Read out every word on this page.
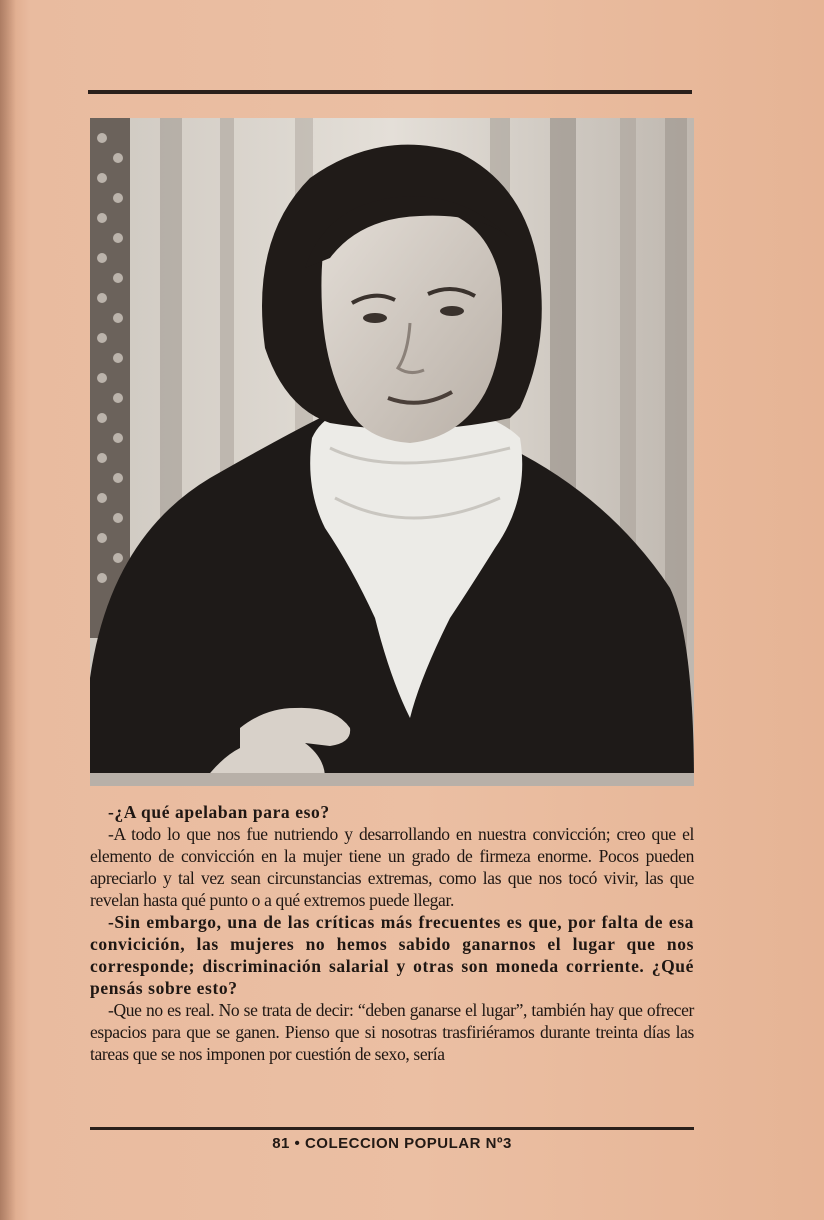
-¿A qué apelaban para eso?

-A todo lo que nos fue nutriendo y desarrollando en nuestra convicción; creo que el elemento de convicción en la mujer tiene un grado de firmeza enorme. Pocos pueden apreciarlo y tal vez sean circunstancias extremas, como las que nos tocó vivir, las que revelan hasta qué punto o a qué extremos puede llegar.

-Sin embargo, una de las críticas más frecuentes es que, por falta de esa convicición, las mujeres no hemos sabido ganarnos el lugar que nos corresponde; discriminación salarial y otras son moneda corriente. ¿Qué pensás sobre esto?

-Que no es real. No se trata de decir: “deben ganarse el lugar”, también hay que ofrecer espacios para que se ganen. Pienso que si nosotras trasfiriéramos durante treinta días las tareas que se nos imponen por cuestión de sexo, sería

81 • COLECCION POPULAR Nº3
